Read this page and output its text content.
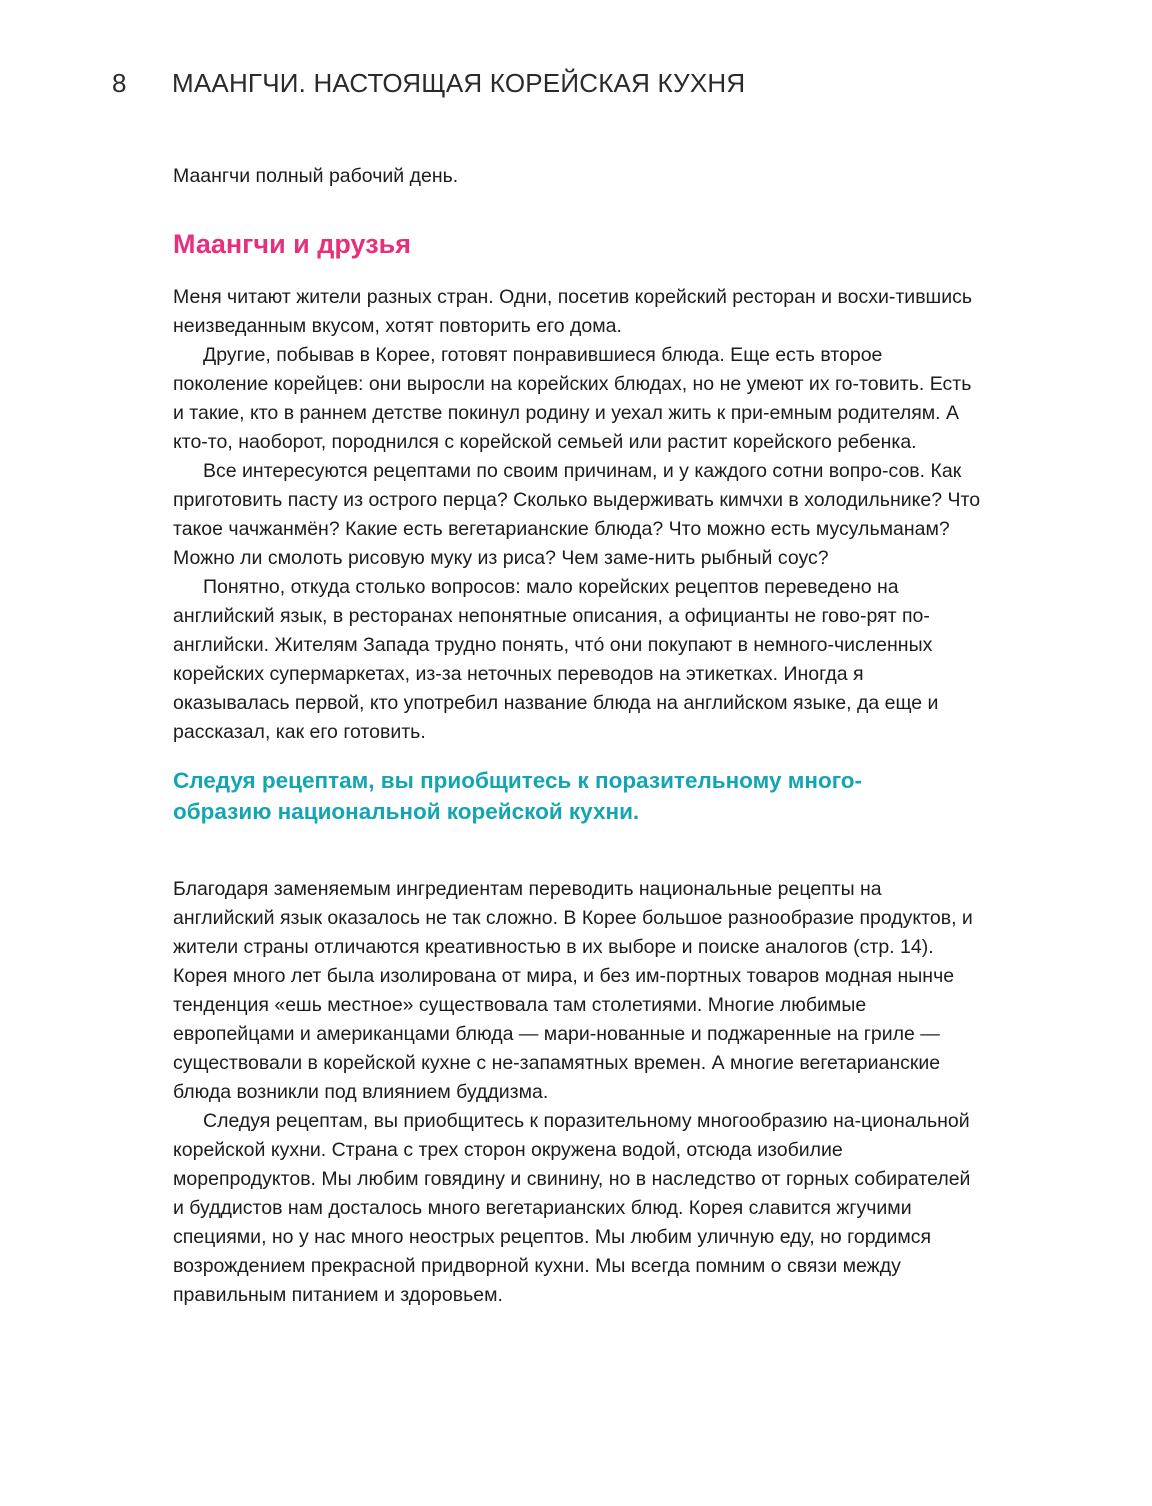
8	МААНГЧИ. НАСТОЯЩАЯ КОРЕЙСКАЯ КУХНЯ

Маангчи полный рабочий день.

Маангчи и друзья

Меня читают жители разных стран. Одни, посетив корейский ресторан и восхи-тившись неизведанным вкусом, хотят повторить его дома.

Другие, побывав в Корее, готовят понравившиеся блюда. Еще есть второе поколение корейцев: они выросли на корейских блюдах, но не умеют их го-товить. Есть и такие, кто в раннем детстве покинул родину и уехал жить к при-емным родителям. А кто-то, наоборот, породнился с корейской семьей или растит корейского ребенка.

Все интересуются рецептами по своим причинам, и у каждого сотни вопро-сов. Как приготовить пасту из острого перца? Сколько выдерживать кимчхи в холодильнике? Что такое чачжанмён? Какие есть вегетарианские блюда? Что можно есть мусульманам? Можно ли смолоть рисовую муку из риса? Чем заме-нить рыбный соус?

Понятно, откуда столько вопросов: мало корейских рецептов переведено на английский язык, в ресторанах непонятные описания, а официанты не гово-рят по-английски. Жителям Запада трудно понять, чтó они покупают в немного-численных корейских супермаркетах, из-за неточных переводов на этикетках. Иногда я оказывалась первой, кто употребил название блюда на английском языке, да еще и рассказал, как его готовить.

Следуя рецептам, вы приобщитесь к поразительному много-образию национальной корейской кухни.

Благодаря заменяемым ингредиентам переводить национальные рецепты на английский язык оказалось не так сложно. В Корее большое разнообразие продуктов, и жители страны отличаются креативностью в их выборе и поиске аналогов (стр. 14). Корея много лет была изолирована от мира, и без им-портных товаров модная нынче тенденция «ешь местное» существовала там столетиями. Многие любимые европейцами и американцами блюда — мари-нованные и поджаренные на гриле — существовали в корейской кухне с не-запамятных времен. А многие вегетарианские блюда возникли под влиянием буддизма.

Следуя рецептам, вы приобщитесь к поразительному многообразию на-циональной корейской кухни. Страна с трех сторон окружена водой, отсюда изобилие морепродуктов. Мы любим говядину и свинину, но в наследство от горных собирателей и буддистов нам досталось много вегетарианских блюд. Корея славится жгучими специями, но у нас много неострых рецептов. Мы любим уличную еду, но гордимся возрождением прекрасной придворной кухни. Мы всегда помним о связи между правильным питанием и здоровьем.
